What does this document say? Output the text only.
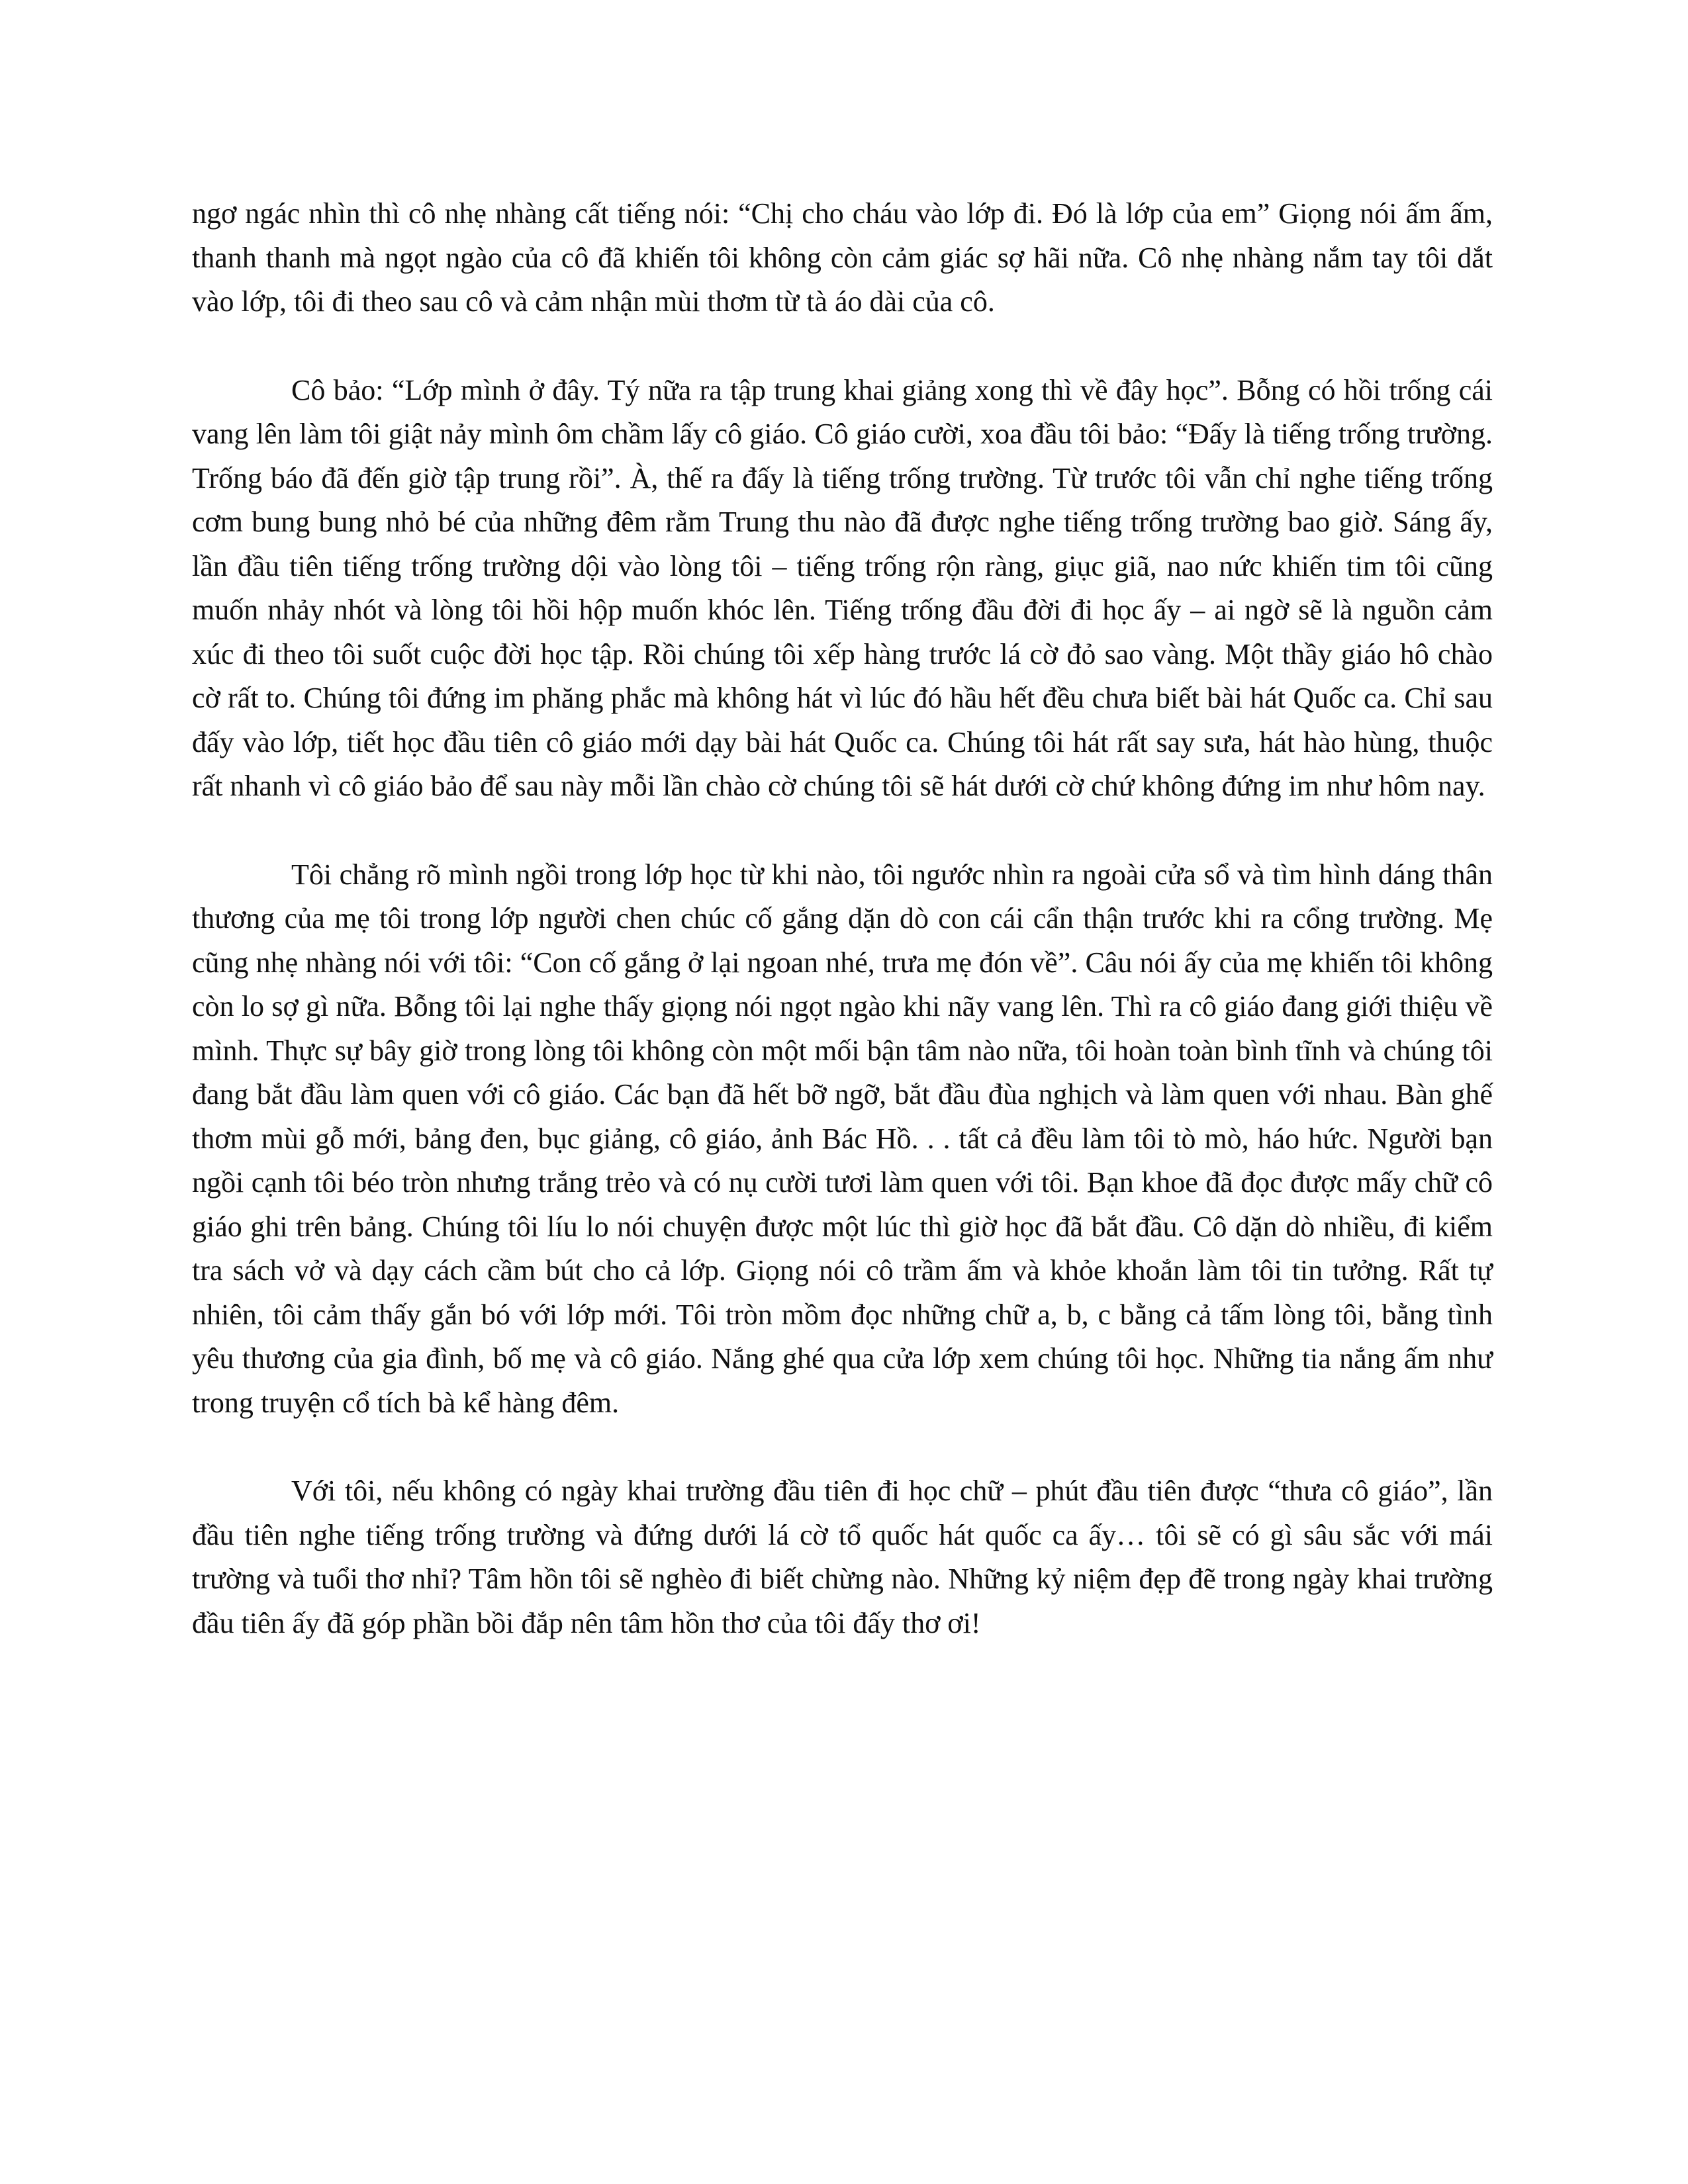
ngơ ngác nhìn thì cô nhẹ nhàng cất tiếng nói: “Chị cho cháu vào lớp đi. Đó là lớp của em” Giọng nói ấm ấm, thanh thanh mà ngọt ngào của cô đã khiến tôi không còn cảm giác sợ hãi nữa. Cô nhẹ nhàng nắm tay tôi dắt vào lớp, tôi đi theo sau cô và cảm nhận mùi thơm từ tà áo dài của cô.

Cô bảo: “Lớp mình ở đây. Tý nữa ra tập trung khai giảng xong thì về đây học”. Bỗng có hồi trống cái vang lên làm tôi giật nảy mình ôm chầm lấy cô giáo. Cô giáo cười, xoa đầu tôi bảo: “Đấy là tiếng trống trường. Trống báo đã đến giờ tập trung rồi”. À, thế ra đấy là tiếng trống trường. Từ trước tôi vẫn chỉ nghe tiếng trống cơm bung bung nhỏ bé của những đêm rằm Trung thu nào đã được nghe tiếng trống trường bao giờ. Sáng ấy, lần đầu tiên tiếng trống trường dội vào lòng tôi – tiếng trống rộn ràng, giục giã, nao nức khiến tim tôi cũng muốn nhảy nhót và lòng tôi hồi hộp muốn khóc lên. Tiếng trống đầu đời đi học ấy – ai ngờ sẽ là nguồn cảm xúc đi theo tôi suốt cuộc đời học tập. Rồi chúng tôi xếp hàng trước lá cờ đỏ sao vàng. Một thầy giáo hô chào cờ rất to. Chúng tôi đứng im phăng phắc mà không hát vì lúc đó hầu hết đều chưa biết bài hát Quốc ca. Chỉ sau đấy vào lớp, tiết học đầu tiên cô giáo mới dạy bài hát Quốc ca. Chúng tôi hát rất say sưa, hát hào hùng, thuộc rất nhanh vì cô giáo bảo để sau này mỗi lần chào cờ chúng tôi sẽ hát dưới cờ chứ không đứng im như hôm nay.

Tôi chẳng rõ mình ngồi trong lớp học từ khi nào, tôi ngước nhìn ra ngoài cửa sổ và tìm hình dáng thân thương của mẹ tôi trong lớp người chen chúc cố gắng dặn dò con cái cẩn thận trước khi ra cổng trường. Mẹ cũng nhẹ nhàng nói với tôi: “Con cố gắng ở lại ngoan nhé, trưa mẹ đón về”. Câu nói ấy của mẹ khiến tôi không còn lo sợ gì nữa. Bỗng tôi lại nghe thấy giọng nói ngọt ngào khi nãy vang lên. Thì ra cô giáo đang giới thiệu về mình. Thực sự bây giờ trong lòng tôi không còn một mối bận tâm nào nữa, tôi hoàn toàn bình tĩnh và chúng tôi đang bắt đầu làm quen với cô giáo. Các bạn đã hết bỡ ngỡ, bắt đầu đùa nghịch và làm quen với nhau. Bàn ghế thơm mùi gỗ mới, bảng đen, bục giảng, cô giáo, ảnh Bác Hồ. . . tất cả đều làm tôi tò mò, háo hức. Người bạn ngồi cạnh tôi béo tròn nhưng trắng trẻo và có nụ cười tươi làm quen với tôi. Bạn khoe đã đọc được mấy chữ cô giáo ghi trên bảng. Chúng tôi líu lo nói chuyện được một lúc thì giờ học đã bắt đầu. Cô dặn dò nhiều, đi kiểm tra sách vở và dạy cách cầm bút cho cả lớp. Giọng nói cô trầm ấm và khỏe khoắn làm tôi tin tưởng. Rất tự nhiên, tôi cảm thấy gắn bó với lớp mới. Tôi tròn mồm đọc những chữ a, b, c bằng cả tấm lòng tôi, bằng tình yêu thương của gia đình, bố mẹ và cô giáo. Nắng ghé qua cửa lớp xem chúng tôi học. Những tia nắng ấm như trong truyện cổ tích bà kể hàng đêm.

Với tôi, nếu không có ngày khai trường đầu tiên đi học chữ – phút đầu tiên được “thưa cô giáo”, lần đầu tiên nghe tiếng trống trường và đứng dưới lá cờ tổ quốc hát quốc ca ấy… tôi sẽ có gì sâu sắc với mái trường và tuổi thơ nhỉ? Tâm hồn tôi sẽ nghèo đi biết chừng nào. Những kỷ niệm đẹp đẽ trong ngày khai trường đầu tiên ấy đã góp phần bồi đắp nên tâm hồn thơ của tôi đấy thơ ơi!
